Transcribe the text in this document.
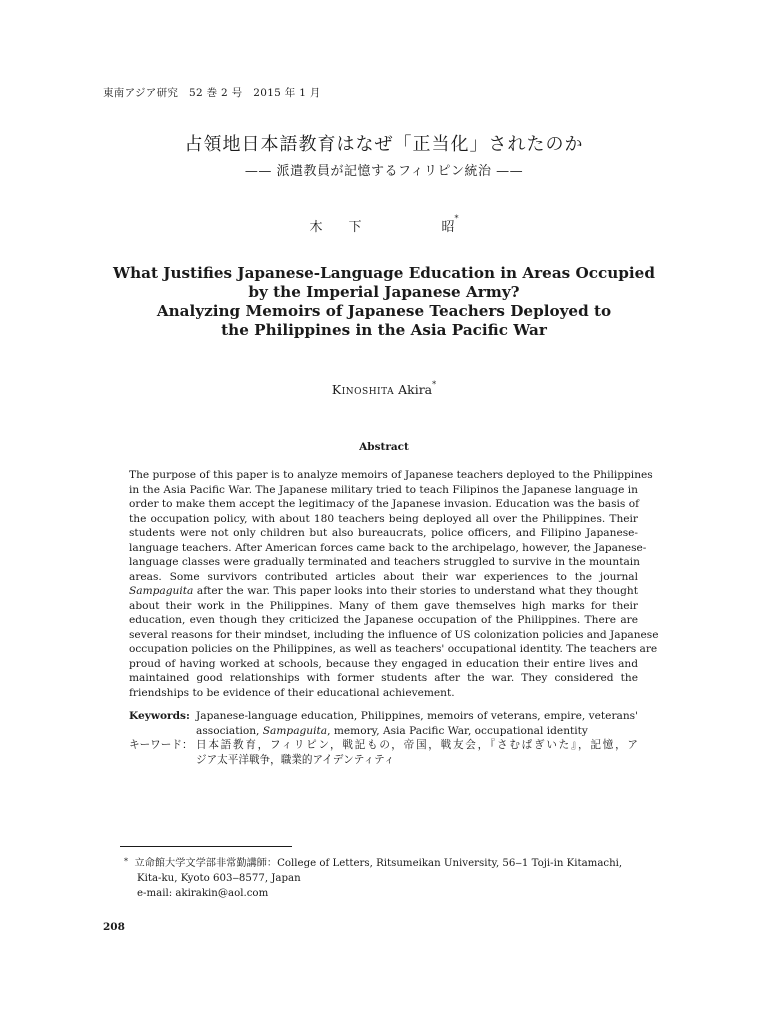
東南アジア研究　52 巻 2 号　2015 年 1 月
占領地日本語教育はなぜ「正当化」されたのか
—— 派遣教員が記憶するフィリピン統治 ——
木 下	昭*
What Justifies Japanese-Language Education in Areas Occupied
by the Imperial Japanese Army?
Analyzing Memoirs of Japanese Teachers Deployed to
the Philippines in the Asia Pacific War
Kinoshita Akira*
Abstract
The purpose of this paper is to analyze memoirs of Japanese teachers deployed to the Philippines
in the Asia Pacific War. The Japanese military tried to teach Filipinos the Japanese language in
order to make them accept the legitimacy of the Japanese invasion. Education was the basis of
the occupation policy, with about 180 teachers being deployed all over the Philippines. Their
students were not only children but also bureaucrats, police officers, and Filipino Japanese-
language teachers. After American forces came back to the archipelago, however, the Japanese-
language classes were gradually terminated and teachers struggled to survive in the mountain
areas. Some survivors contributed articles about their war experiences to the journal
Sampaguita after the war. This paper looks into their stories to understand what they thought
about their work in the Philippines. Many of them gave themselves high marks for their
education, even though they criticized the Japanese occupation of the Philippines. There are
several reasons for their mindset, including the influence of US colonization policies and Japanese
occupation policies on the Philippines, as well as teachers' occupational identity. The teachers are
proud of having worked at schools, because they engaged in education their entire lives and
maintained good relationships with former students after the war. They considered the
friendships to be evidence of their educational achievement.
Keywords: Japanese-language education, Philippines, memoirs of veterans, empire, veterans'
association, Sampaguita, memory, Asia Pacific War, occupational identity
キーワード： 日本語教育，フィリピン，戦記もの，帝国，戦友会，『さむぱぎいた』，記憶，ア
ジア太平洋戦争，職業的アイデンティティ
* 立命館大学文学部非常勤講師：College of Letters, Ritsumeikan University, 56‒1 Toji-in Kitamachi,
Kita-ku, Kyoto 603‒8577, Japan
e-mail: akirakin@aol.com
208
